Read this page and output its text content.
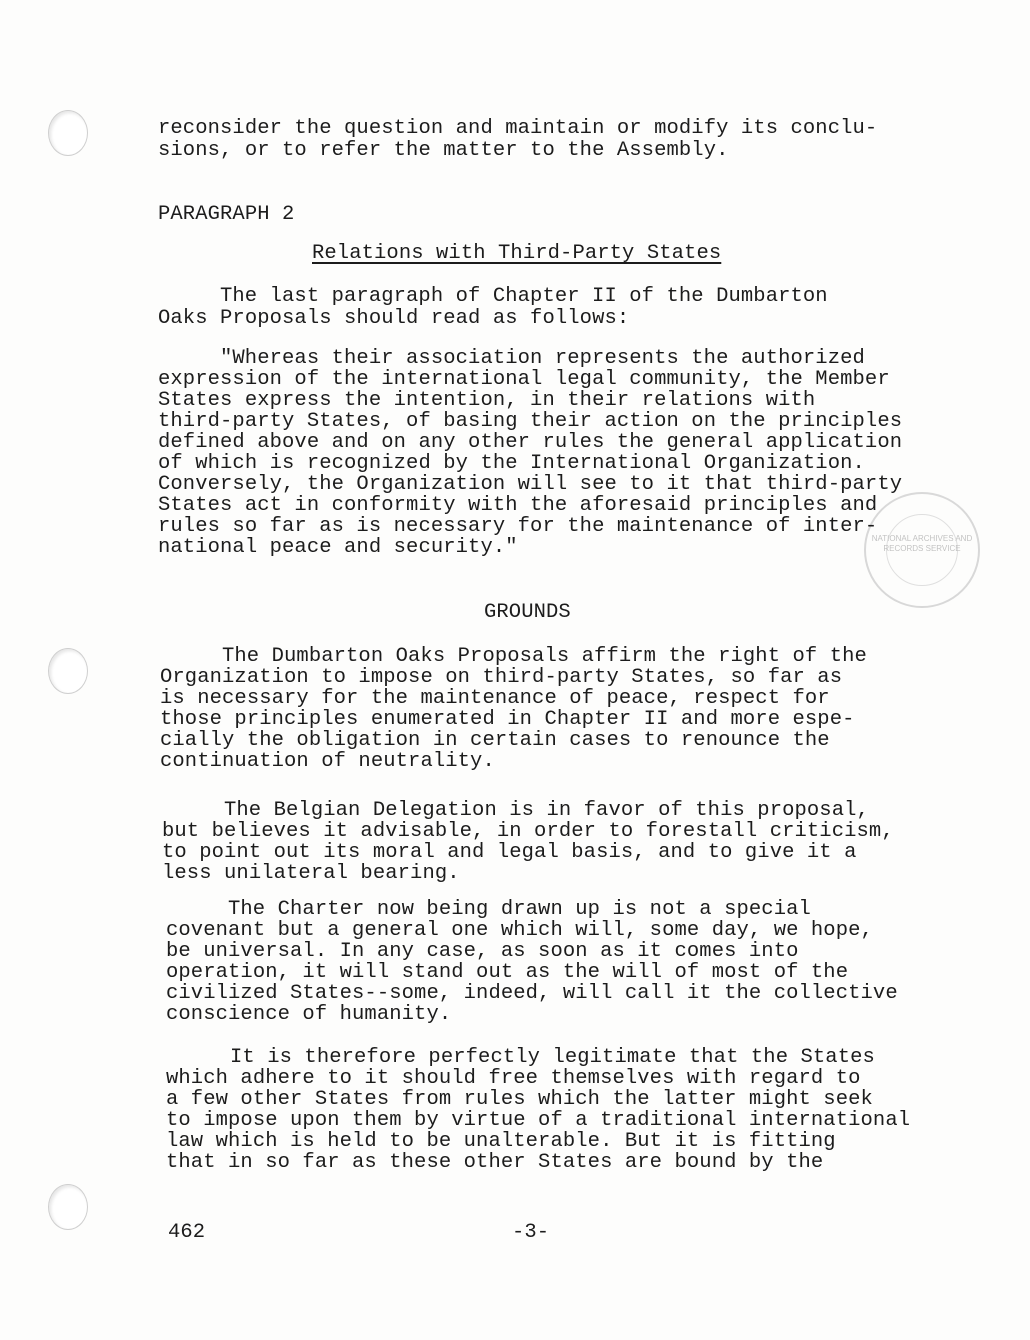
NATIONAL ARCHIVES AND RECORDS SERVICE
reconsider the question and maintain or modify its conclu-
sions, or to refer the matter to the Assembly.
PARAGRAPH 2
Relations with Third-Party States
The last paragraph of Chapter II of the Dumbarton
Oaks Proposals should read as follows:
"Whereas their association represents the authorized
expression of the international legal community, the Member
States express the intention, in their relations with
third-party States, of basing their action on the principles
defined above and on any other rules the general application
of which is recognized by the International Organization.
Conversely, the Organization will see to it that third-party
States act in conformity with the aforesaid principles and
rules so far as is necessary for the maintenance of inter-
national peace and security."
GROUNDS
The Dumbarton Oaks Proposals affirm the right of the
Organization to impose on third-party States, so far as
is necessary for the maintenance of peace, respect for
those principles enumerated in Chapter II and more espe-
cially the obligation in certain cases to renounce the
continuation of neutrality.
The Belgian Delegation is in favor of this proposal,
but believes it advisable, in order to forestall criticism,
to point out its moral and legal basis, and to give it a
less unilateral bearing.
The Charter now being drawn up is not a special
covenant but a general one which will, some day, we hope,
be universal. In any case, as soon as it comes into
operation, it will stand out as the will of most of the
civilized States--some, indeed, will call it the collective
conscience of humanity.
It is therefore perfectly legitimate that the States
which adhere to it should free themselves with regard to
a few other States from rules which the latter might seek
to impose upon them by virtue of a traditional international
law which is held to be unalterable. But it is fitting
that in so far as these other States are bound by the
462	-3-
